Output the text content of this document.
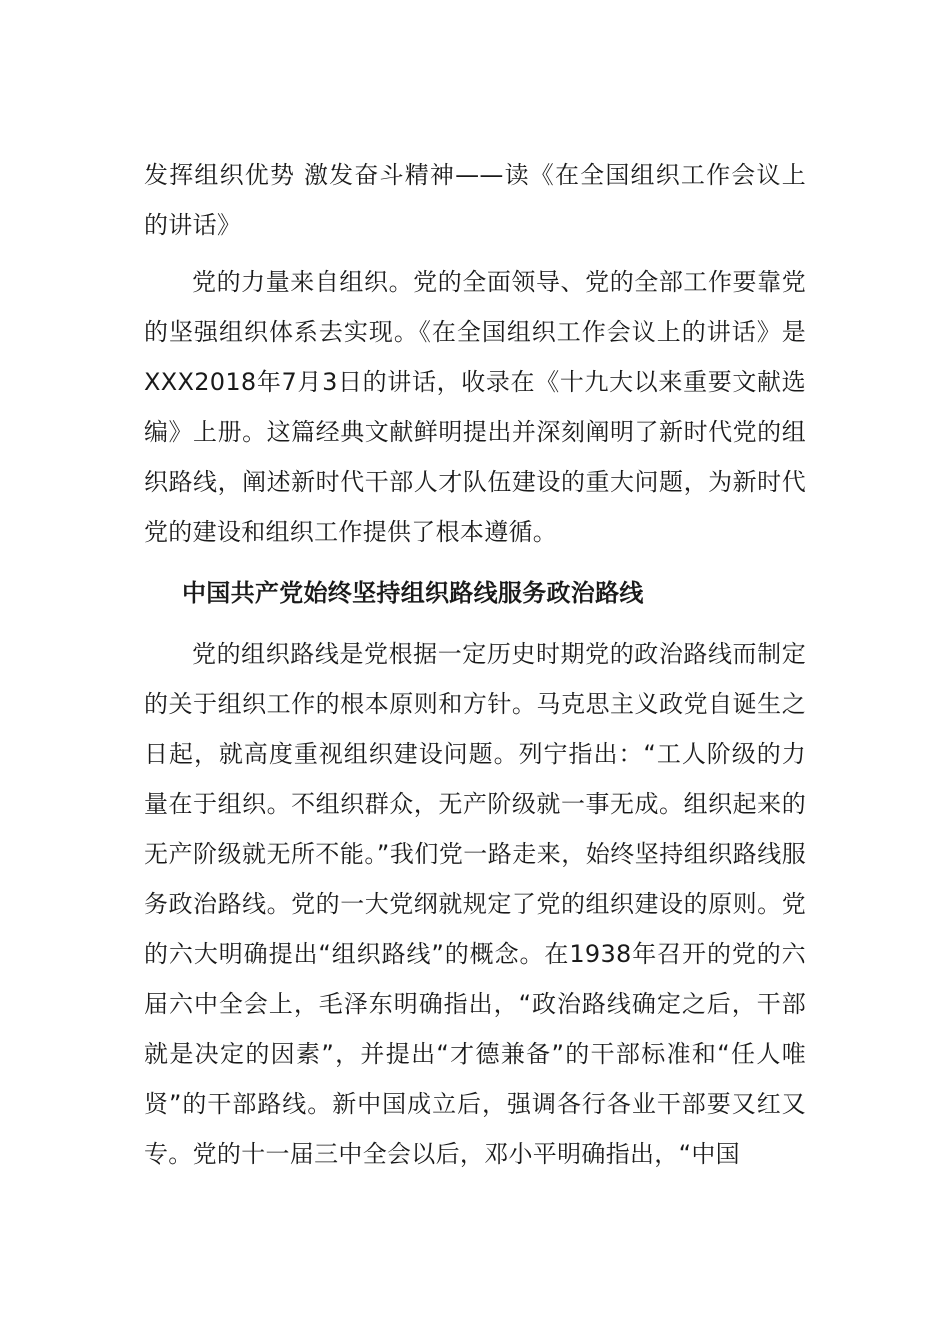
发挥组织优势 激发奋斗精神——读《在全国组织工作会议上的讲话》

党的力量来自组织。党的全面领导、党的全部工作要靠党的坚强组织体系去实现。《在全国组织工作会议上的讲话》是XXX2018年7月3日的讲话，收录在《十九大以来重要文献选编》上册。这篇经典文献鲜明提出并深刻阐明了新时代党的组织路线，阐述新时代干部人才队伍建设的重大问题，为新时代党的建设和组织工作提供了根本遵循。

中国共产党始终坚持组织路线服务政治路线

党的组织路线是党根据一定历史时期党的政治路线而制定的关于组织工作的根本原则和方针。马克思主义政党自诞生之日起，就高度重视组织建设问题。列宁指出：“工人阶级的力量在于组织。不组织群众，无产阶级就一事无成。组织起来的无产阶级就无所不能。”我们党一路走来，始终坚持组织路线服务政治路线。党的一大党纲就规定了党的组织建设的原则。党的六大明确提出“组织路线”的概念。在1938年召开的党的六届六中全会上，毛泽东明确指出，“政治路线确定之后，干部就是决定的因素”，并提出“才德兼备”的干部标准和“任人唯贤”的干部路线。新中国成立后，强调各行各业干部要又红又专。党的十一届三中全会以后，邓小平明确指出，“中国
